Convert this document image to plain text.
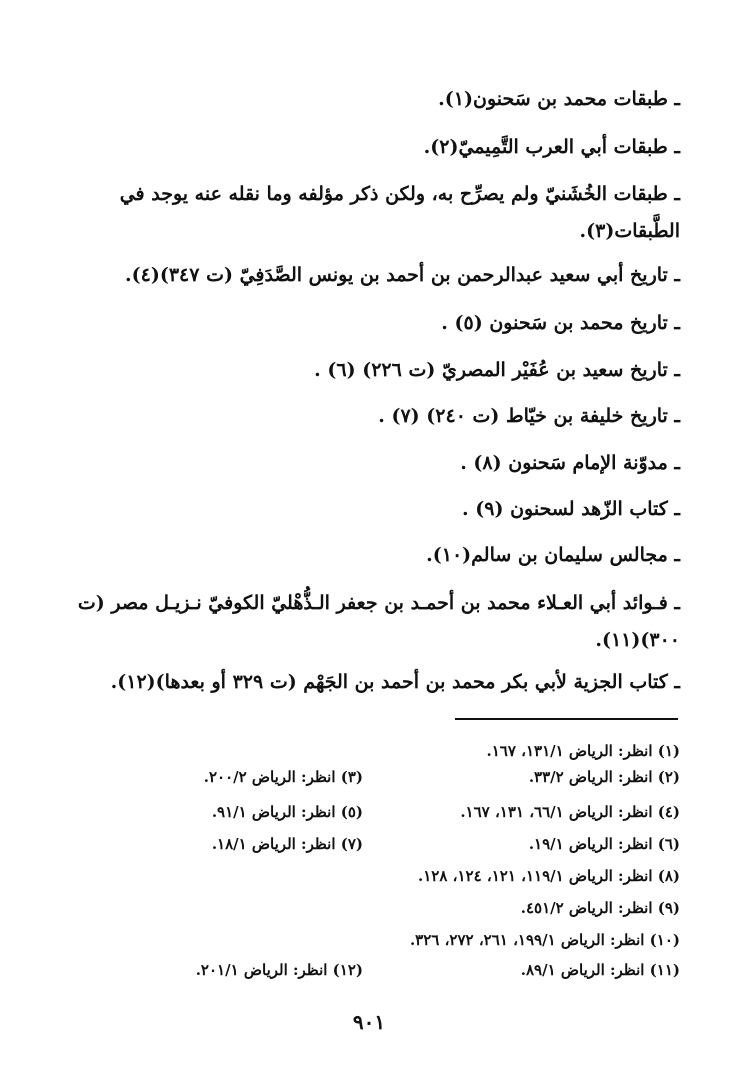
ـ طبقات محمد بن سَحنون(١).
ـ طبقات أبي العرب التَّمِيميّ(٢).
ـ طبقات الخُشَنيّ ولم يصرِّح به، ولكن ذكر مؤلفه وما نقله عنه يوجد في الطَّبقات(٣).
ـ تاريخ أبي سعيد عبدالرحمن بن أحمد بن يونس الصَّدَفِيّ (ت ٣٤٧)(٤).
ـ تاريخ محمد بن سَحنون (٥) .
ـ تاريخ سعيد بن عُفَيْر المصريّ (ت ٢٢٦) (٦) .
ـ تاريخ خليفة بن خيّاط (ت ٢٤٠) (٧) .
ـ مدوّنة الإمام سَحنون (٨) .
ـ كتاب الزّهد لسحنون (٩) .
ـ مجالس سليمان بن سالم(١٠).
ـ فـوائد أبي العـلاء محمد بن أحمـد بن جعفر الـذُّهْليّ الكوفيّ نـزيـل مصر (ت ٣٠٠)(١١).
ـ كتاب الجزية لأبي بكر محمد بن أحمد بن الجَهْم (ت ٣٢٩ أو بعدها)(١٢).
(١) انظر: الرياض ١٣١/١، ١٦٧.
(٢) انظر: الرياض ٣٣/٢.
(٣) انظر: الرياض ٢٠٠/٢.
(٤) انظر: الرياض ٦٦/١، ١٣١، ١٦٧.
(٥) انظر: الرياض ٩١/١.
(٦) انظر: الرياض ١٩/١.
(٧) انظر: الرياض ١٨/١.
(٨) انظر: الرياض ١١٩/١، ١٢١، ١٢٤، ١٢٨.
(٩) انظر: الرياض ٤٥١/٢.
(١٠) انظر: الرياض ١٩٩/١، ٢٦١، ٢٧٢، ٣٢٦.
(١١) انظر: الرياض ٨٩/١.
(١٢) انظر: الرياض ٢٠١/١.
٩٠١
